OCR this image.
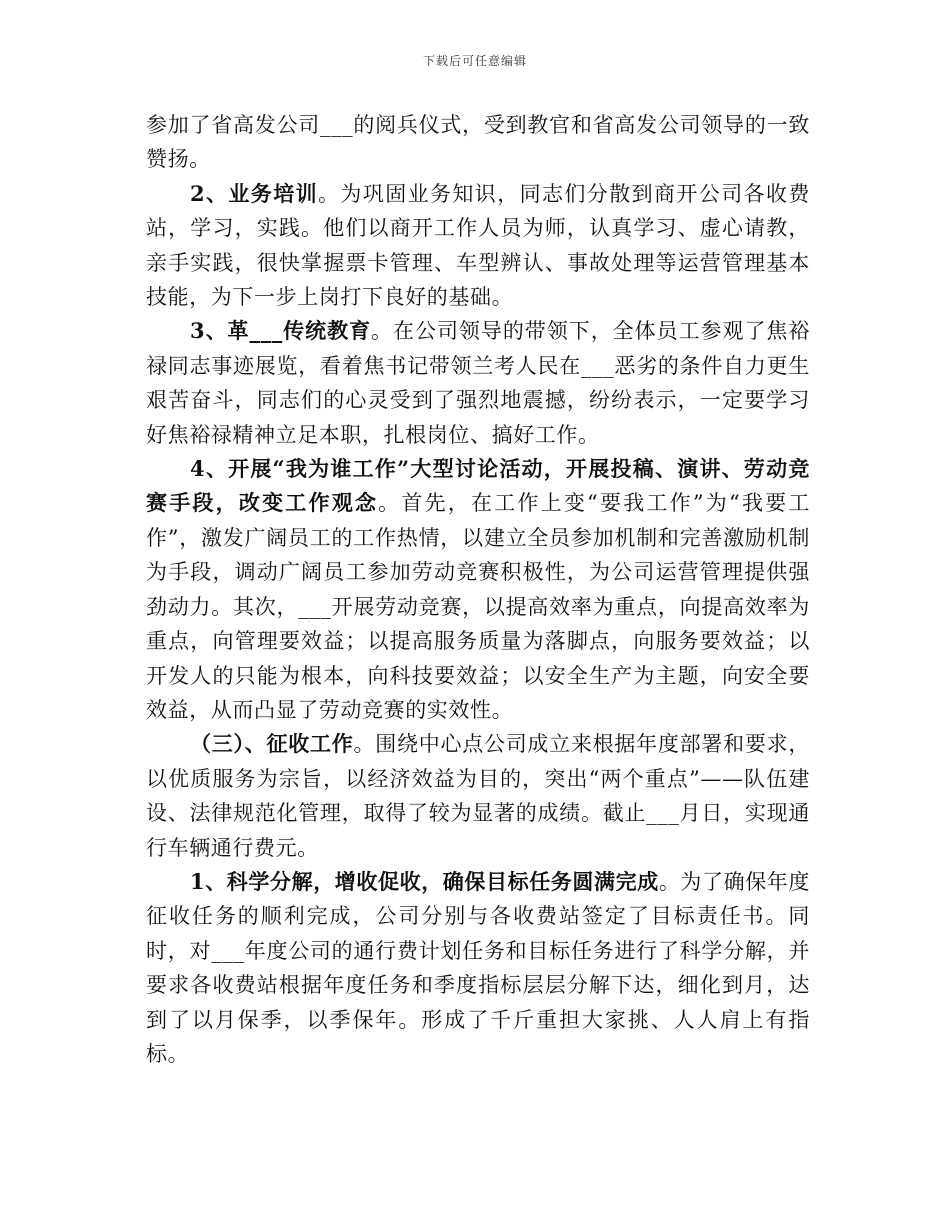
下载后可任意编辑

参加了省高发公司___的阅兵仪式，受到教官和省高发公司领导的一致赞扬。

2、业务培训。为巩固业务知识，同志们分散到商开公司各收费站，学习，实践。他们以商开工作人员为师，认真学习、虚心请教，亲手实践，很快掌握票卡管理、车型辨认、事故处理等运营管理基本技能，为下一步上岗打下良好的基础。

3、革___传统教育。在公司领导的带领下，全体员工参观了焦裕禄同志事迹展览，看着焦书记带领兰考人民在___恶劣的条件自力更生艰苦奋斗，同志们的心灵受到了强烈地震撼，纷纷表示，一定要学习好焦裕禄精神立足本职，扎根岗位、搞好工作。

4、开展“我为谁工作”大型讨论活动，开展投稿、演讲、劳动竞赛手段，改变工作观念。首先，在工作上变“要我工作”为“我要工作”，激发广阔员工的工作热情，以建立全员参加机制和完善激励机制为手段，调动广阔员工参加劳动竞赛积极性，为公司运营管理提供强劲动力。其次，___开展劳动竞赛，以提高效率为重点，向提高效率为重点，向管理要效益；以提高服务质量为落脚点，向服务要效益；以开发人的只能为根本，向科技要效益；以安全生产为主题，向安全要效益，从而凸显了劳动竞赛的实效性。

（三）、征收工作。围绕中心点公司成立来根据年度部署和要求，以优质服务为宗旨，以经济效益为目的，突出“两个重点”——队伍建设、法律规范化管理，取得了较为显著的成绩。截止___月日，实现通行车辆通行费元。

1、科学分解，增收促收，确保目标任务圆满完成。为了确保年度征收任务的顺利完成，公司分别与各收费站签定了目标责任书。同时，对___年度公司的通行费计划任务和目标任务进行了科学分解，并要求各收费站根据年度任务和季度指标层层分解下达，细化到月，达到了以月保季，以季保年。形成了千斤重担大家挑、人人肩上有指标。
